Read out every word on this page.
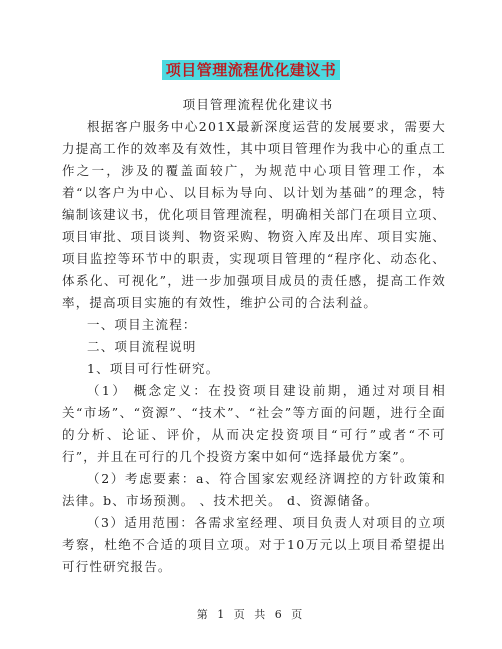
项目管理流程优化建议书

项目管理流程优化建议书

根据客户服务中心201X最新深度运营的发展要求，需要大力提高工作的效率及有效性，其中项目管理作为我中心的重点工作之一，涉及的覆盖面较广，为规范中心项目管理工作，本着“以客户为中心、以目标为导向、以计划为基础”的理念，特编制该建议书，优化项目管理流程，明确相关部门在项目立项、项目审批、项目谈判、物资采购、物资入库及出库、项目实施、项目监控等环节中的职责，实现项目管理的“程序化、动态化、体系化、可视化”，进一步加强项目成员的责任感，提高工作效率，提高项目实施的有效性，维护公司的合法利益。

一、项目主流程：

二、项目流程说明

1、项目可行性研究。

（1） 概念定义：在投资项目建设前期，通过对项目相关“市场”、“资源”、“技术”、“社会”等方面的问题，进行全面的分析、论证、评价，从而决定投资项目“可行”或者“不可行”，并且在可行的几个投资方案中如何“选择最优方案”。

（2）考虑要素：a、符合国家宏观经济调控的方针政策和法律。b、市场预测。 、技术把关。 d、资源储备。

（3）适用范围：各需求室经理、项目负责人对项目的立项考察，杜绝不合适的项目立项。对于10万元以上项目希望提出可行性研究报告。

第 1 页 共 6 页
